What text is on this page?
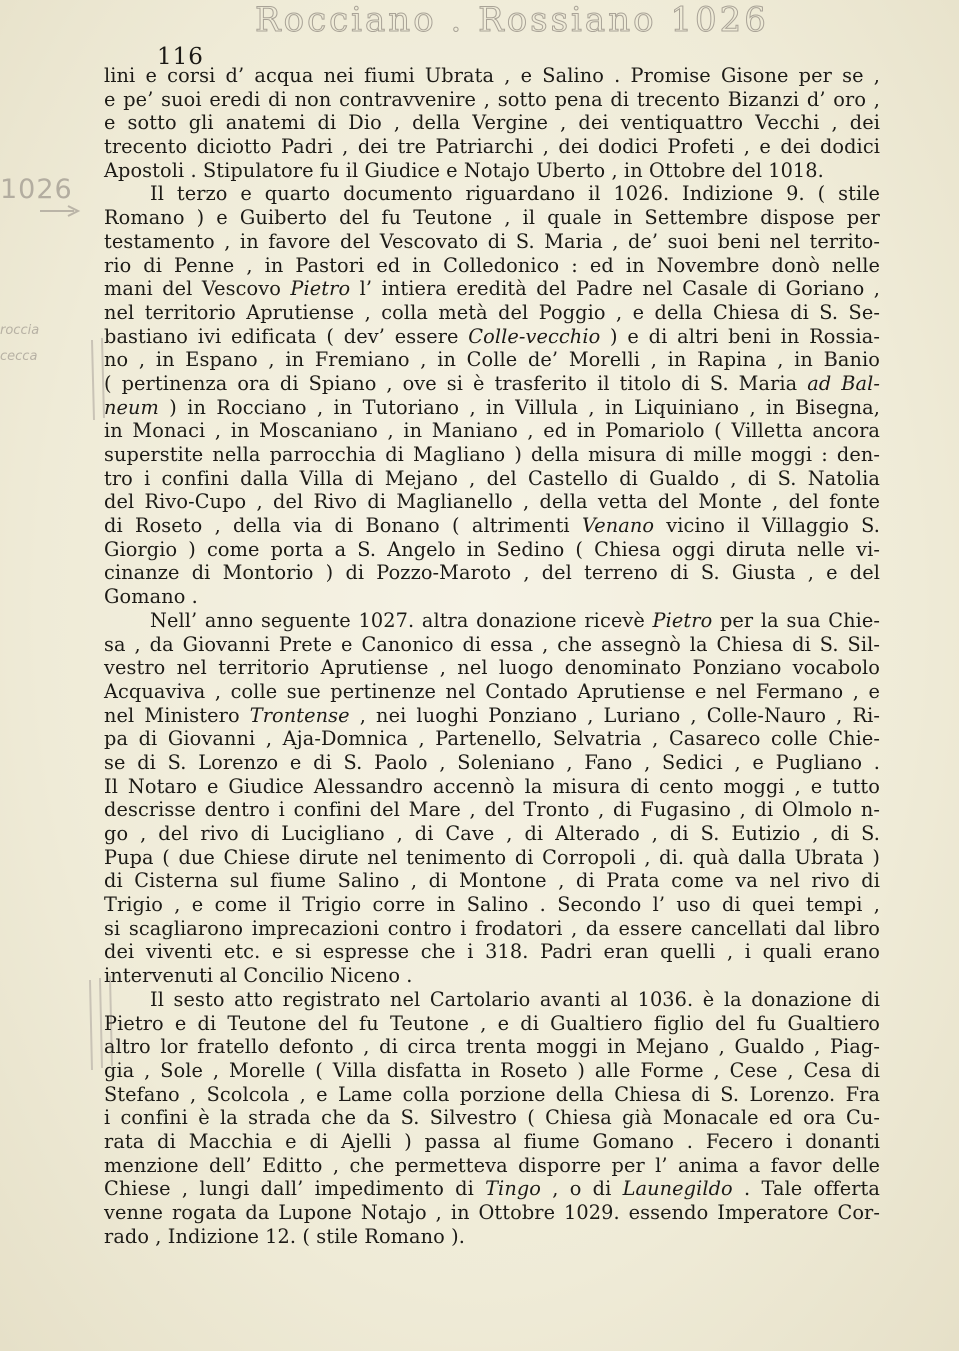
Rocciano . Rossiano 1026
1026
roccia cecca
116
lini e corsi d’ acqua nei fiumi Ubrata , e Salino . Promise Gisone per se ,
e pe’ suoi eredi di non contravvenire , sotto pena di trecento Bizanzi d’ oro ,
e sotto gli anatemi di Dio , della Vergine , dei ventiquattro Vecchi , dei
trecento diciotto Padri , dei tre Patriarchi , dei dodici Profeti , e dei dodici
Apostoli . Stipulatore fu il Giudice e Notajo Uberto , in Ottobre del 1018.
Il terzo e quarto documento riguardano il 1026. Indizione 9. ( stile
Romano ) e Guiberto del fu Teutone , il quale in Settembre dispose per
testamento , in favore del Vescovato di S. Maria , de’ suoi beni nel territo-
rio di Penne , in Pastori ed in Colledonico : ed in Novembre donò nelle
mani del Vescovo Pietro l’ intiera eredità del Padre nel Casale di Goriano ,
nel territorio Aprutiense , colla metà del Poggio , e della Chiesa di S. Se-
bastiano ivi edificata ( dev’ essere Colle-vecchio ) e di altri beni in Rossia-
no , in Espano , in Fremiano , in Colle de’ Morelli , in Rapina , in Banio
( pertinenza ora di Spiano , ove si è trasferito il titolo di S. Maria ad Bal-
neum ) in Rocciano , in Tutoriano , in Villula , in Liquiniano , in Bisegna,
in Monaci , in Moscaniano , in Maniano , ed in Pomariolo ( Villetta ancora
superstite nella parrocchia di Magliano ) della misura di mille moggi : den-
tro i confini dalla Villa di Mejano , del Castello di Gualdo , di S. Natolia
del Rivo-Cupo , del Rivo di Maglianello , della vetta del Monte , del fonte
di Roseto , della via di Bonano ( altrimenti Venano vicino il Villaggio S.
Giorgio ) come porta a S. Angelo in Sedino ( Chiesa oggi diruta nelle vi-
cinanze di Montorio ) di Pozzo-Maroto , del terreno di S. Giusta , e del
Gomano .
Nell’ anno seguente 1027. altra donazione ricevè Pietro per la sua Chie-
sa , da Giovanni Prete e Canonico di essa , che assegnò la Chiesa di S. Sil-
vestro nel territorio Aprutiense , nel luogo denominato Ponziano vocabolo
Acquaviva , colle sue pertinenze nel Contado Aprutiense e nel Fermano , e
nel Ministero Trontense , nei luoghi Ponziano , Luriano , Colle-Nauro , Ri-
pa di Giovanni , Aja-Domnica , Partenello, Selvatria , Casareco colle Chie-
se di S. Lorenzo e di S. Paolo , Soleniano , Fano , Sedici , e Pugliano .
Il Notaro e Giudice Alessandro accennò la misura di cento moggi , e tutto
descrisse dentro i confini del Mare , del Tronto , di Fugasino , di Olmolo n-
go , del rivo di Lucigliano , di Cave , di Alterado , di S. Eutizio , di S.
Pupa ( due Chiese dirute nel tenimento di Corropoli , di. quà dalla Ubrata )
di Cisterna sul fiume Salino , di Montone , di Prata come va nel rivo di
Trigio , e come il Trigio corre in Salino . Secondo l’ uso di quei tempi ,
si scagliarono imprecazioni contro i frodatori , da essere cancellati dal libro
dei viventi etc. e si espresse che i 318. Padri eran quelli , i quali erano
intervenuti al Concilio Niceno .
Il sesto atto registrato nel Cartolario avanti al 1036. è la donazione di
Pietro e di Teutone del fu Teutone , e di Gualtiero figlio del fu Gualtiero
altro lor fratello defonto , di circa trenta moggi in Mejano , Gualdo , Piag-
gia , Sole , Morelle ( Villa disfatta in Roseto ) alle Forme , Cese , Cesa di
Stefano , Scolcola , e Lame colla porzione della Chiesa di S. Lorenzo. Fra
i confini è la strada che da S. Silvestro ( Chiesa già Monacale ed ora Cu-
rata di Macchia e di Ajelli ) passa al fiume Gomano . Fecero i donanti
menzione dell’ Editto , che permetteva disporre per l’ anima a favor delle
Chiese , lungi dall’ impedimento di Tingo , o di Launegildo . Tale offerta
venne rogata da Lupone Notajo , in Ottobre 1029. essendo Imperatore Cor-
rado , Indizione 12. ( stile Romano ).
